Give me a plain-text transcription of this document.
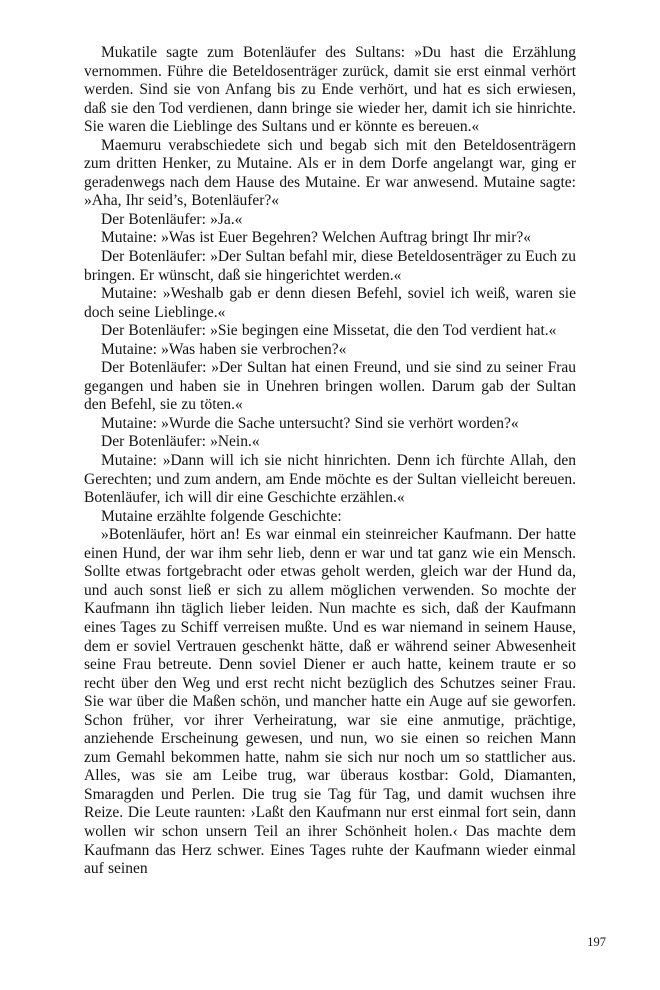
Mukatile sagte zum Botenläufer des Sultans: »Du hast die Erzählung vernommen. Führe die Beteldosenträger zurück, damit sie erst einmal verhört werden. Sind sie von Anfang bis zu Ende verhört, und hat es sich erwiesen, daß sie den Tod verdienen, dann bringe sie wieder her, damit ich sie hinrichte. Sie waren die Lieblinge des Sultans und er könnte es bereuen.«

Maemuru verabschiedete sich und begab sich mit den Beteldosenträgern zum dritten Henker, zu Mutaine. Als er in dem Dorfe angelangt war, ging er geradenwegs nach dem Hause des Mutaine. Er war anwesend. Mutaine sagte: »Aha, Ihr seid’s, Botenläufer?«

Der Botenläufer: »Ja.«

Mutaine: »Was ist Euer Begehren? Welchen Auftrag bringt Ihr mir?«

Der Botenläufer: »Der Sultan befahl mir, diese Beteldosenträger zu Euch zu bringen. Er wünscht, daß sie hingerichtet werden.«

Mutaine: »Weshalb gab er denn diesen Befehl, soviel ich weiß, waren sie doch seine Lieblinge.«

Der Botenläufer: »Sie begingen eine Missetat, die den Tod verdient hat.«

Mutaine: »Was haben sie verbrochen?«

Der Botenläufer: »Der Sultan hat einen Freund, und sie sind zu seiner Frau gegangen und haben sie in Unehren bringen wollen. Darum gab der Sultan den Befehl, sie zu töten.«

Mutaine: »Wurde die Sache untersucht? Sind sie verhört worden?«

Der Botenläufer: »Nein.«

Mutaine: »Dann will ich sie nicht hinrichten. Denn ich fürchte Allah, den Gerechten; und zum andern, am Ende möchte es der Sultan vielleicht bereuen. Botenläufer, ich will dir eine Geschichte erzählen.«

Mutaine erzählte folgende Geschichte:

»Botenläufer, hört an! Es war einmal ein steinreicher Kaufmann. Der hatte einen Hund, der war ihm sehr lieb, denn er war und tat ganz wie ein Mensch. Sollte etwas fortgebracht oder etwas geholt werden, gleich war der Hund da, und auch sonst ließ er sich zu allem möglichen verwenden. So mochte der Kaufmann ihn täglich lieber leiden. Nun machte es sich, daß der Kaufmann eines Tages zu Schiff verreisen mußte. Und es war niemand in seinem Hause, dem er soviel Vertrauen geschenkt hätte, daß er während seiner Abwesenheit seine Frau betreute. Denn soviel Diener er auch hatte, keinem traute er so recht über den Weg und erst recht nicht bezüglich des Schutzes seiner Frau. Sie war über die Maßen schön, und mancher hatte ein Auge auf sie geworfen. Schon früher, vor ihrer Verheiratung, war sie eine anmutige, prächtige, anziehende Erscheinung gewesen, und nun, wo sie einen so reichen Mann zum Gemahl bekommen hatte, nahm sie sich nur noch um so stattlicher aus. Alles, was sie am Leibe trug, war überaus kostbar: Gold, Diamanten, Smaragden und Perlen. Die trug sie Tag für Tag, und damit wuchsen ihre Reize. Die Leute raunten: ›Laßt den Kaufmann nur erst einmal fort sein, dann wollen wir schon unsern Teil an ihrer Schönheit holen.‹ Das machte dem Kaufmann das Herz schwer. Eines Tages ruhte der Kaufmann wieder einmal auf seinen

197
